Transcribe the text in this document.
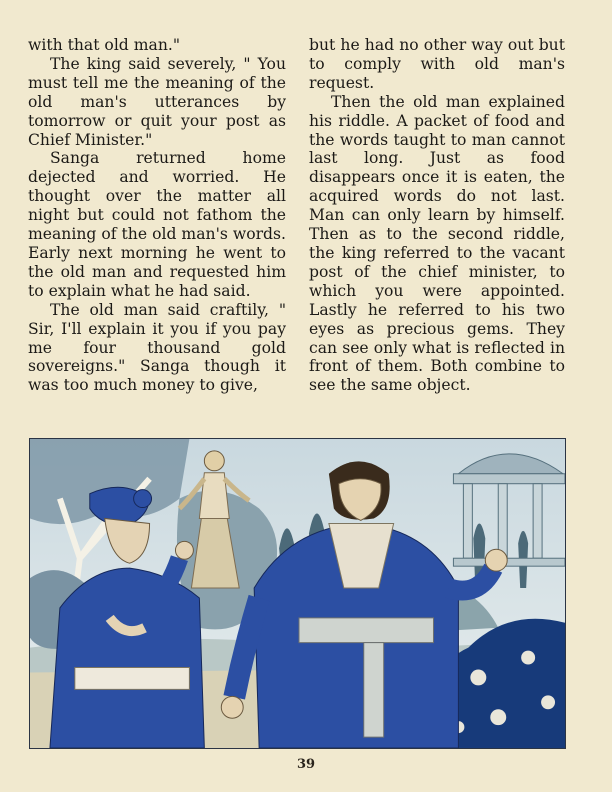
with that old man."

The king said severely, " You must tell me the meaning of the old man's utterances by tomorrow or quit your post as Chief Minister."

Sanga returned home dejected and worried. He thought over the matter all night but could not fathom the meaning of the old man's words. Early next morning he went to the old man and requested him to explain what he had said.

The old man said craftily, " Sir, I'll explain it you if you pay me four thousand gold sovereigns." Sanga though it was too much money to give,

but he had no other way out but to comply with old man's request.

Then the old man explained his riddle. A packet of food and the words taught to man cannot last long. Just as food disappears once it is eaten, the acquired words do not last. Man can only learn by himself. Then as to the second riddle, the king referred to the vacant post of the chief minister, to which you were appointed. Lastly he referred to his two eyes as precious gems. They can see only what is reflected in front of them. Both combine to see the same object.

39
